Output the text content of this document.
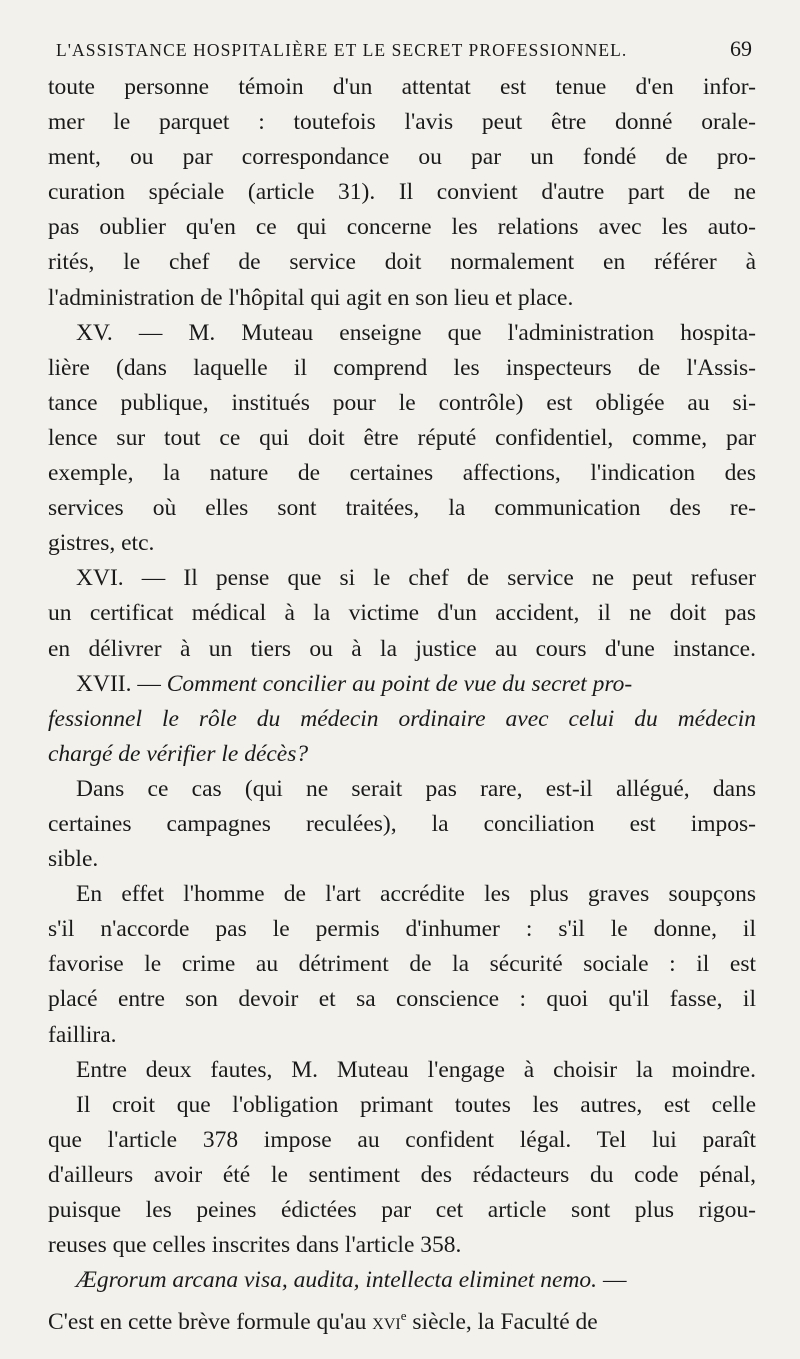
L'ASSISTANCE HOSPITALIÈRE ET LE SECRET PROFESSIONNEL.	69
toute personne témoin d'un attentat est tenue d'en infor-
mer le parquet : toutefois l'avis peut être donné orale-
ment, ou par correspondance ou par un fondé de pro-
curation spéciale (article 31). Il convient d'autre part de ne
pas oublier qu'en ce qui concerne les relations avec les auto-
rités, le chef de service doit normalement en référer à
l'administration de l'hôpital qui agit en son lieu et place.
XV. — M. Muteau enseigne que l'administration hospita-
lière (dans laquelle il comprend les inspecteurs de l'Assis-
tance publique, institués pour le contrôle) est obligée au si-
lence sur tout ce qui doit être réputé confidentiel, comme, par
exemple, la nature de certaines affections, l'indication des
services où elles sont traitées, la communication des re-
gistres, etc.
XVI. — Il pense que si le chef de service ne peut refuser
un certificat médical à la victime d'un accident, il ne doit pas
en délivrer à un tiers ou à la justice au cours d'une instance.
XVII. — Comment concilier au point de vue du secret pro-
fessionnel le rôle du médecin ordinaire avec celui du médecin
chargé de vérifier le décès?
Dans ce cas (qui ne serait pas rare, est-il allégué, dans
certaines campagnes reculées), la conciliation est impos-
sible.
En effet l'homme de l'art accrédite les plus graves soupçons
s'il n'accorde pas le permis d'inhumer : s'il le donne, il
favorise le crime au détriment de la sécurité sociale : il est
placé entre son devoir et sa conscience : quoi qu'il fasse, il
faillira.
Entre deux fautes, M. Muteau l'engage à choisir la moindre.
Il croit que l'obligation primant toutes les autres, est celle
que l'article 378 impose au confident légal. Tel lui paraît
d'ailleurs avoir été le sentiment des rédacteurs du code pénal,
puisque les peines édictées par cet article sont plus rigou-
reuses que celles inscrites dans l'article 358.
Ægrorum arcana visa, audita, intellecta eliminet nemo. —
C'est en cette brève formule qu'au xvi$^e$ siècle, la Faculté de
